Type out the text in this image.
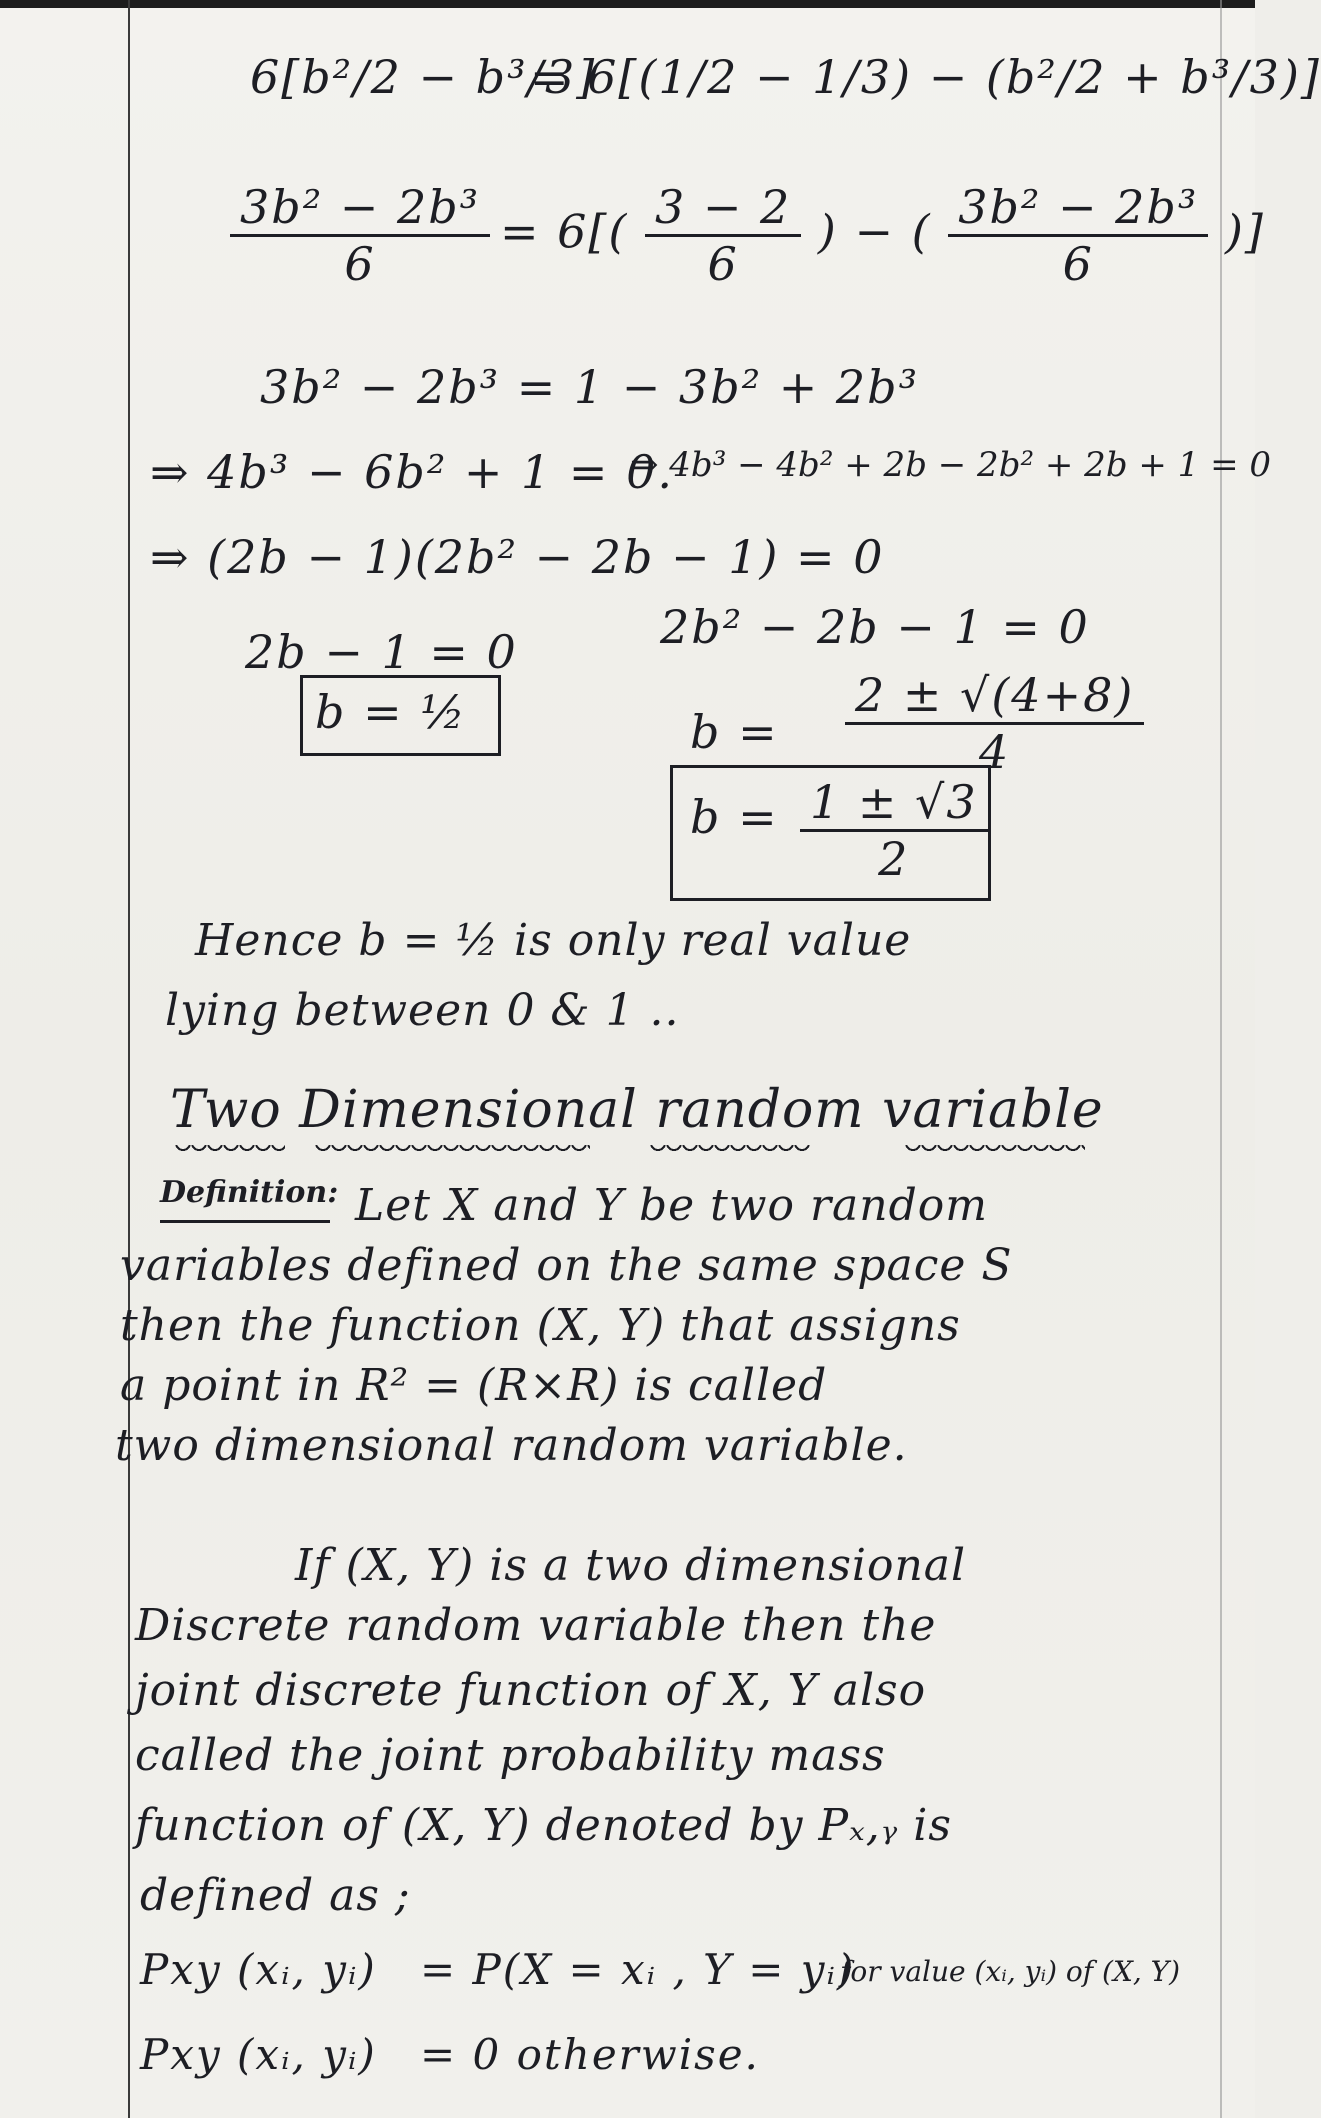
6[b²/2 − b³/3]
= 6[(1/2 − 1/3) − (b²/2 + b³/3)]
$\frac{\text{3b² − 2b³}}{6} = 6[( \frac{3 - 2}{6}$ ) − ( $\frac{\text{3b² − 2b³}}{6}$ )]
3b² − 2b³ = 1 − 3b² + 2b³
⇒ 4b³ − 6b² + 1 = 0.
⇒ 4b³ − 4b² + 2b − 2b² + 2b + 1 = 0
⇒ (2b − 1)(2b² − 2b − 1) = 0
2b − 1 = 0	2b² − 2b − 1 = 0
b = ½	$b = \frac{2 \pm √(4+8)}{4}$
$b = \frac{1 \pm √3}{2}$
Hence b = ½ is only real value
lying between 0 & 1 ..
Two Dimensional random variable
Definition: Let X and Y be two random
variables defined on the same space S
then the function (X, Y) that assigns
a point in R² = (R×R) is called
two dimensional random variable.
If (X, Y) is a two dimensional
Discrete random variable then the
joint discrete function of X, Y also
called the joint probability mass
function of (X, Y) denoted by Pₓ,ᵧ is
defined as ;
Pxy (xᵢ, yᵢ) = P(X = xᵢ , Y = yᵢ)
for value (xᵢ, yᵢ) of (X, Y)
Pxy (xᵢ, yᵢ) = 0 otherwise.
